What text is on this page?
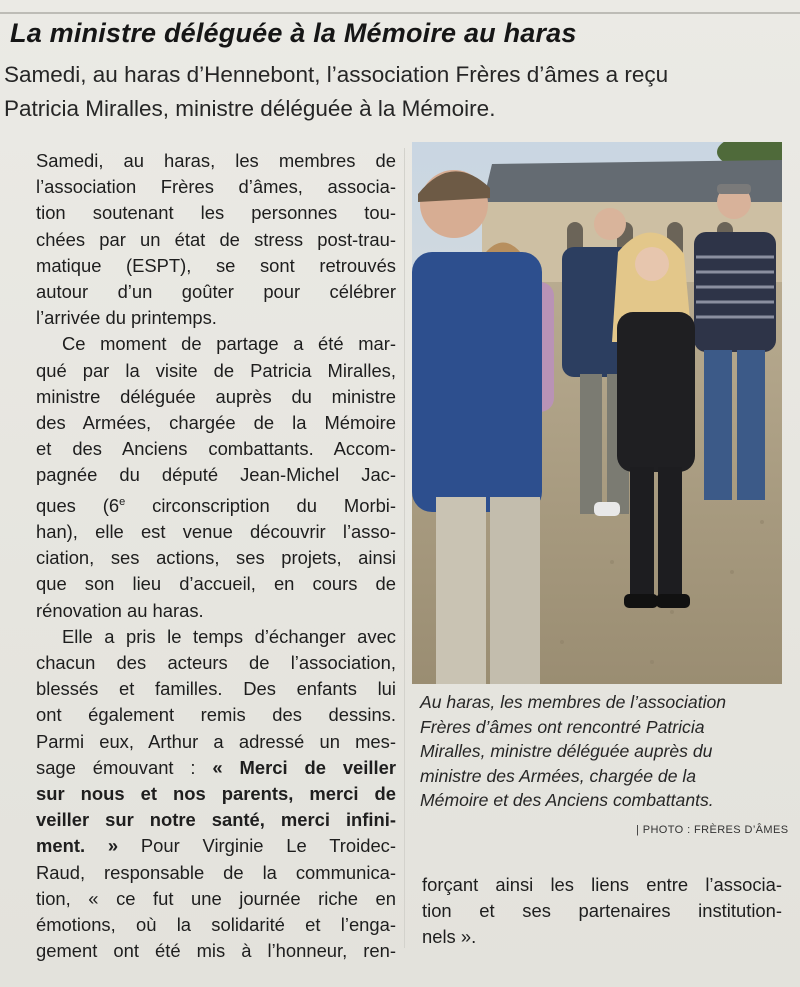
La ministre déléguée à la Mémoire au haras
Samedi, au haras d’Hennebont, l’association Frères d’âmes a reçu
Patricia Miralles, ministre déléguée à la Mémoire.
Samedi, au haras, les membres de
l’association Frères d’âmes, associa-
tion soutenant les personnes tou-
chées par un état de stress post-trau-
matique (ESPT), se sont retrouvés
autour d’un goûter pour célébrer
l’arrivée du printemps.
Ce moment de partage a été mar-
qué par la visite de Patricia Miralles,
ministre déléguée auprès du ministre
des Armées, chargée de la Mémoire
et des Anciens combattants. Accom-
pagnée du député Jean-Michel Jac-
ques (6e circonscription du Morbi-
han), elle est venue découvrir l’asso-
ciation, ses actions, ses projets, ainsi
que son lieu d’accueil, en cours de
rénovation au haras.
Elle a pris le temps d’échanger avec
chacun des acteurs de l’association,
blessés et familles. Des enfants lui
ont également remis des dessins.
Parmi eux, Arthur a adressé un mes-
sage émouvant : « Merci de veiller
sur nous et nos parents, merci de
veiller sur notre santé, merci infini-
ment. » Pour Virginie Le Troidec-
Raud, responsable de la communica-
tion, « ce fut une journée riche en
émotions, où la solidarité et l’enga-
gement ont été mis à l’honneur, ren-
Au haras, les membres de l’association
Frères d’âmes ont rencontré Patricia
Miralles, ministre déléguée auprès du
ministre des Armées, chargée de la
Mémoire et des Anciens combattants.
| PHOTO : FRÈRES D’ÂMES
forçant ainsi les liens entre l’associa-
tion et ses partenaires institution-
nels ».
